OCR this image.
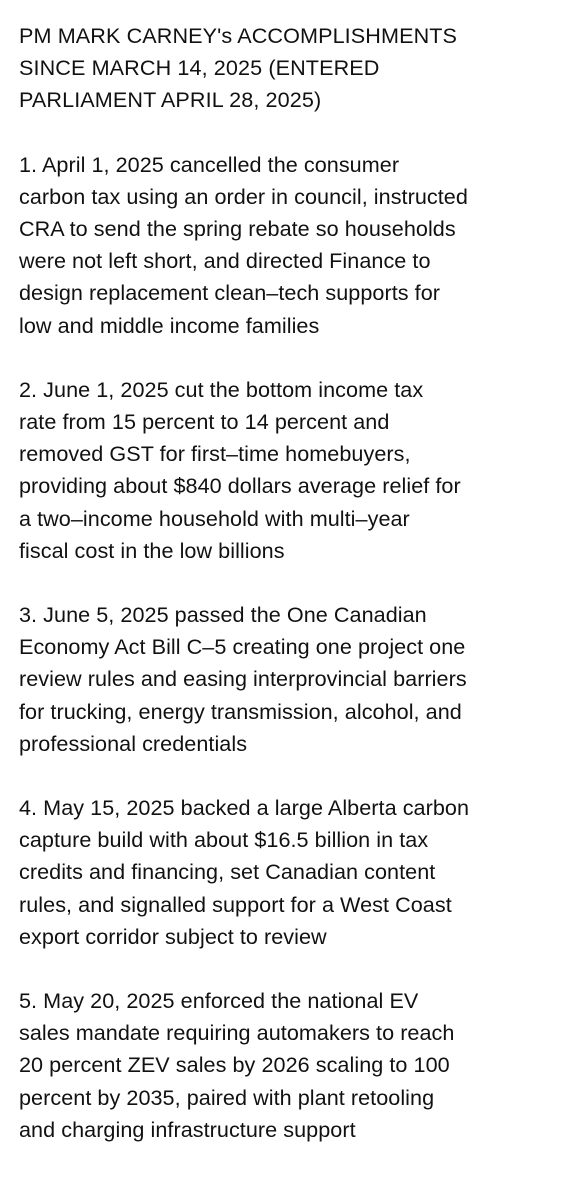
PM MARK CARNEY's ACCOMPLISHMENTS
SINCE MARCH 14, 2025 (ENTERED
PARLIAMENT APRIL 28, 2025)
1. April 1, 2025 cancelled the consumer
carbon tax using an order in council, instructed
CRA to send the spring rebate so households
were not left short, and directed Finance to
design replacement clean–tech supports for
low and middle income families
2. June 1, 2025 cut the bottom income tax
rate from 15 percent to 14 percent and
removed GST for first–time homebuyers,
providing about $840 dollars average relief for
a two–income household with multi–year
fiscal cost in the low billions
3. June 5, 2025 passed the One Canadian
Economy Act Bill C–5 creating one project one
review rules and easing interprovincial barriers
for trucking, energy transmission, alcohol, and
professional credentials
4. May 15, 2025 backed a large Alberta carbon
capture build with about $16.5 billion in tax
credits and financing, set Canadian content
rules, and signalled support for a West Coast
export corridor subject to review
5. May 20, 2025 enforced the national EV
sales mandate requiring automakers to reach
20 percent ZEV sales by 2026 scaling to 100
percent by 2035, paired with plant retooling
and charging infrastructure support
